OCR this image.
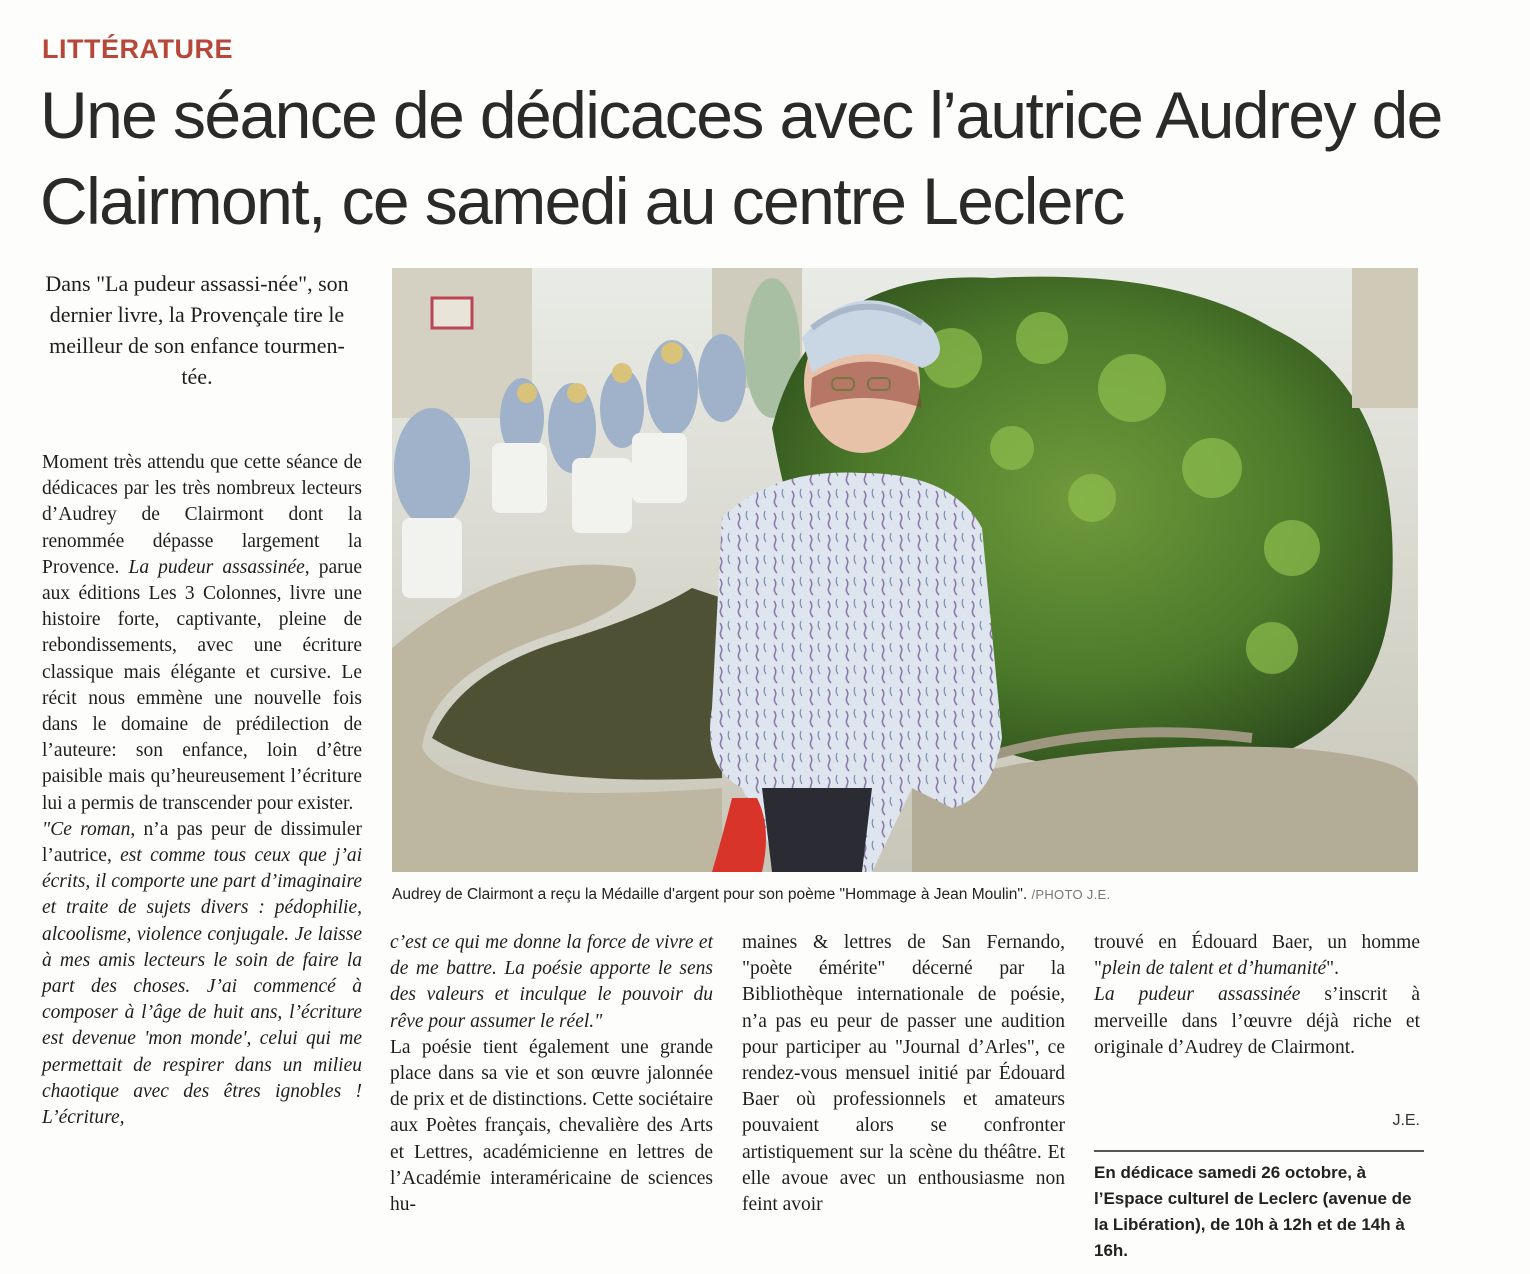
LITTÉRATURE
Une séance de dédicaces avec l’autrice Audrey de Clairmont, ce samedi au centre Leclerc

Dans "La pudeur assassi-née", son dernier livre, la Provençale tire le meilleur de son enfance tourmen-tée.

Audrey de Clairmont a reçu la Médaille d'argent pour son poème "Hommage à Jean Moulin". /PHOTO J.E.

Moment très attendu que cette séance de dédicaces par les très nombreux lecteurs d’Audrey de Clairmont dont la renommée dépasse largement la Provence. La pudeur assassinée, parue aux éditions Les 3 Colonnes, livre une histoire forte, captivante, pleine de rebondissements, avec une écriture classique mais élégante et cursive. Le récit nous emmène une nouvelle fois dans le domaine de prédilection de l’auteure: son enfance, loin d’être paisible mais qu’heureusement l’écriture lui a permis de transcender pour exister.

"Ce roman, n’a pas peur de dissimuler l’autrice, est comme tous ceux que j’ai écrits, il comporte une part d’imaginaire et traite de sujets divers : pédophilie, alcoolisme, violence conjugale. Je laisse à mes amis lecteurs le soin de faire la part des choses. J’ai commencé à composer à l’âge de huit ans, l’écriture est devenue 'mon monde', celui qui me permettait de respirer dans un milieu chaotique avec des êtres ignobles ! L’écriture,

c’est ce qui me donne la force de vivre et de me battre. La poésie apporte le sens des valeurs et inculque le pouvoir du rêve pour assumer le réel."

La poésie tient également une grande place dans sa vie et son œuvre jalonnée de prix et de distinctions. Cette sociétaire aux Poètes français, chevalière des Arts et Lettres, académicienne en lettres de l’Académie interaméricaine de sciences hu-

maines & lettres de San Fernando, "poète émérite" décerné par la Bibliothèque internationale de poésie, n’a pas eu peur de passer une audition pour participer au "Journal d’Arles", ce rendez-vous mensuel initié par Édouard Baer où professionnels et amateurs pouvaient alors se confronter artistiquement sur la scène du théâtre. Et elle avoue avec un enthousiasme non feint avoir

trouvé en Édouard Baer, un homme "plein de talent et d’humanité".

La pudeur assassinée s’inscrit à merveille dans l’œuvre déjà riche et originale d’Audrey de Clairmont.

J.E.
En dédicace samedi 26 octobre, à l’Espace culturel de Leclerc (avenue de la Libération), de 10h à 12h et de 14h à 16h.
